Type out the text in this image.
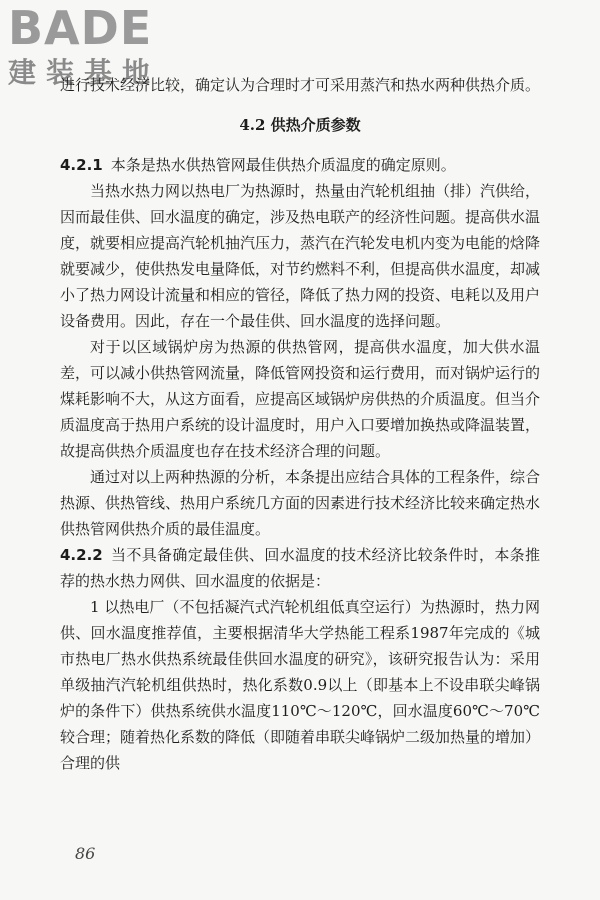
BADE
建装基地

进行技术经济比较，确定认为合理时才可采用蒸汽和热水两种供热介质。

4.2 供热介质参数

4.2.1 本条是热水供热管网最佳供热介质温度的确定原则。

当热水热力网以热电厂为热源时，热量由汽轮机组抽（排）汽供给，因而最佳供、回水温度的确定，涉及热电联产的经济性问题。提高供水温度，就要相应提高汽轮机抽汽压力，蒸汽在汽轮发电机内变为电能的焓降就要减少，使供热发电量降低，对节约燃料不利，但提高供水温度，却减小了热力网设计流量和相应的管径，降低了热力网的投资、电耗以及用户设备费用。因此，存在一个最佳供、回水温度的选择问题。

对于以区域锅炉房为热源的供热管网，提高供水温度，加大供水温差，可以减小供热管网流量，降低管网投资和运行费用，而对锅炉运行的煤耗影响不大，从这方面看，应提高区域锅炉房供热的介质温度。但当介质温度高于热用户系统的设计温度时，用户入口要增加换热或降温装置，故提高供热介质温度也存在技术经济合理的问题。

通过对以上两种热源的分析，本条提出应结合具体的工程条件，综合热源、供热管线、热用户系统几方面的因素进行技术经济比较来确定热水供热管网供热介质的最佳温度。

4.2.2 当不具备确定最佳供、回水温度的技术经济比较条件时，本条推荐的热水热力网供、回水温度的依据是：

1 以热电厂（不包括凝汽式汽轮机组低真空运行）为热源时，热力网供、回水温度推荐值，主要根据清华大学热能工程系1987年完成的《城市热电厂热水供热系统最佳供回水温度的研究》，该研究报告认为：采用单级抽汽汽轮机组供热时，热化系数0.9以上（即基本上不设串联尖峰锅炉的条件下）供热系统供水温度110℃～120℃，回水温度60℃～70℃较合理；随着热化系数的降低（即随着串联尖峰锅炉二级加热量的增加）合理的供

86
